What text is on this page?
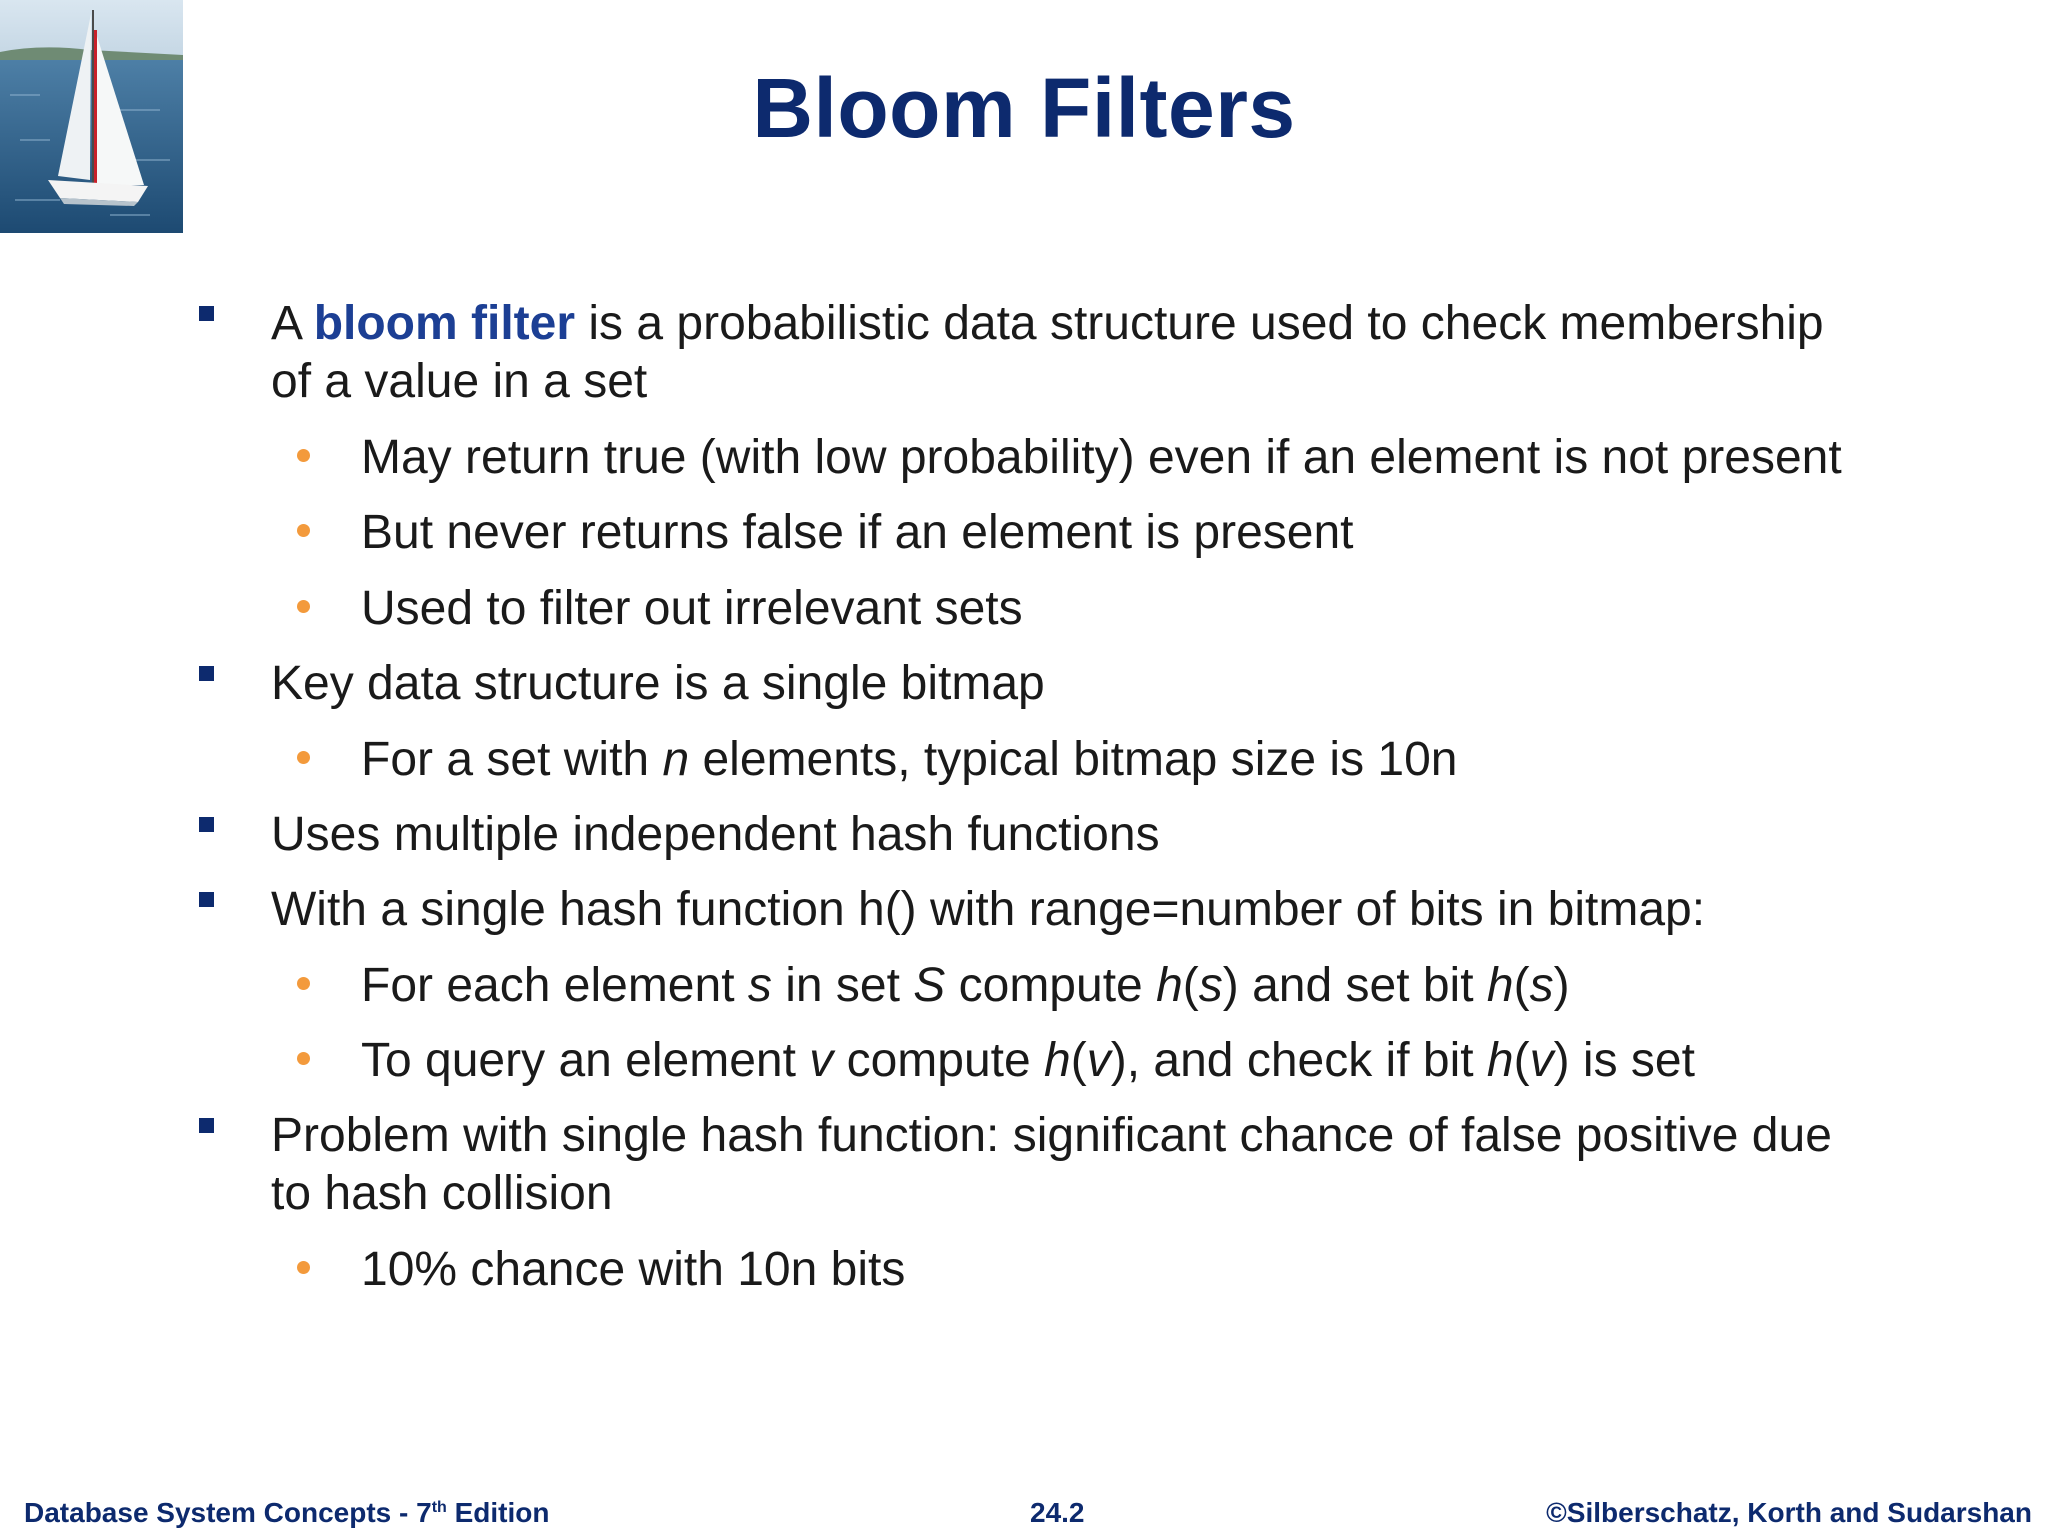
Bloom Filters
A bloom filter is a probabilistic data structure used to check membership
of a value in a set
May return true (with low probability) even if an element is not present
But never returns false if an element is present
Used to filter out irrelevant sets
Key data structure is a single bitmap
For a set with n elements, typical bitmap size is 10n
Uses multiple independent hash functions
With a single hash function h() with range=number of bits in bitmap:
For each element s in set S compute h(s) and set bit h(s)
To query an element v compute h(v), and check if bit h(v) is set
Problem with single hash function: significant chance of false positive due
to hash collision
10% chance with 10n bits
Database System Concepts - 7th Edition	24.2	©Silberschatz, Korth and Sudarshan
